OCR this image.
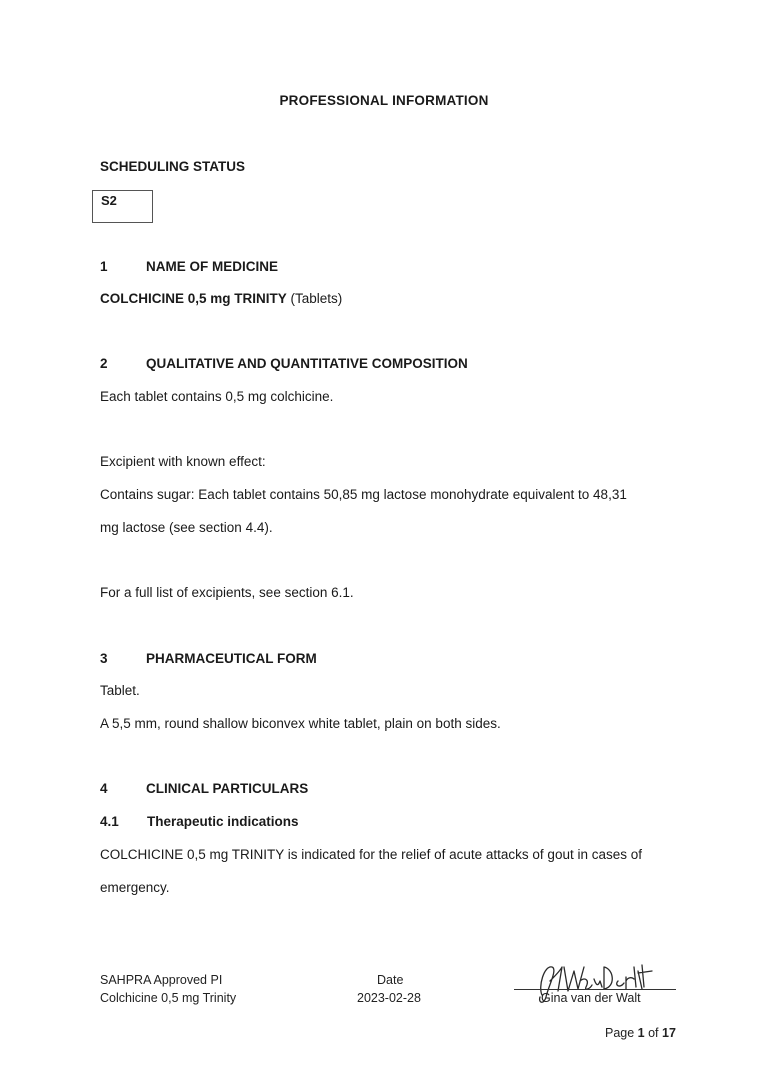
PROFESSIONAL INFORMATION
SCHEDULING STATUS
S2
1	NAME OF MEDICINE
COLCHICINE 0,5 mg TRINITY (Tablets)
2	QUALITATIVE AND QUANTITATIVE COMPOSITION
Each tablet contains 0,5 mg colchicine.
Excipient with known effect:
Contains sugar: Each tablet contains 50,85 mg lactose monohydrate equivalent to 48,31
mg lactose (see section 4.4).
For a full list of excipients, see section 6.1.
3	PHARMACEUTICAL FORM
Tablet.
A 5,5 mm, round shallow biconvex white tablet, plain on both sides.
4	CLINICAL PARTICULARS
4.1 Therapeutic indications
COLCHICINE 0,5 mg TRINITY is indicated for the relief of acute attacks of gout in cases of
emergency.
SAHPRA Approved PI
Colchicine 0,5 mg Trinity
Date
2023-02-28	Gina van der Walt
Page 1 of 17
